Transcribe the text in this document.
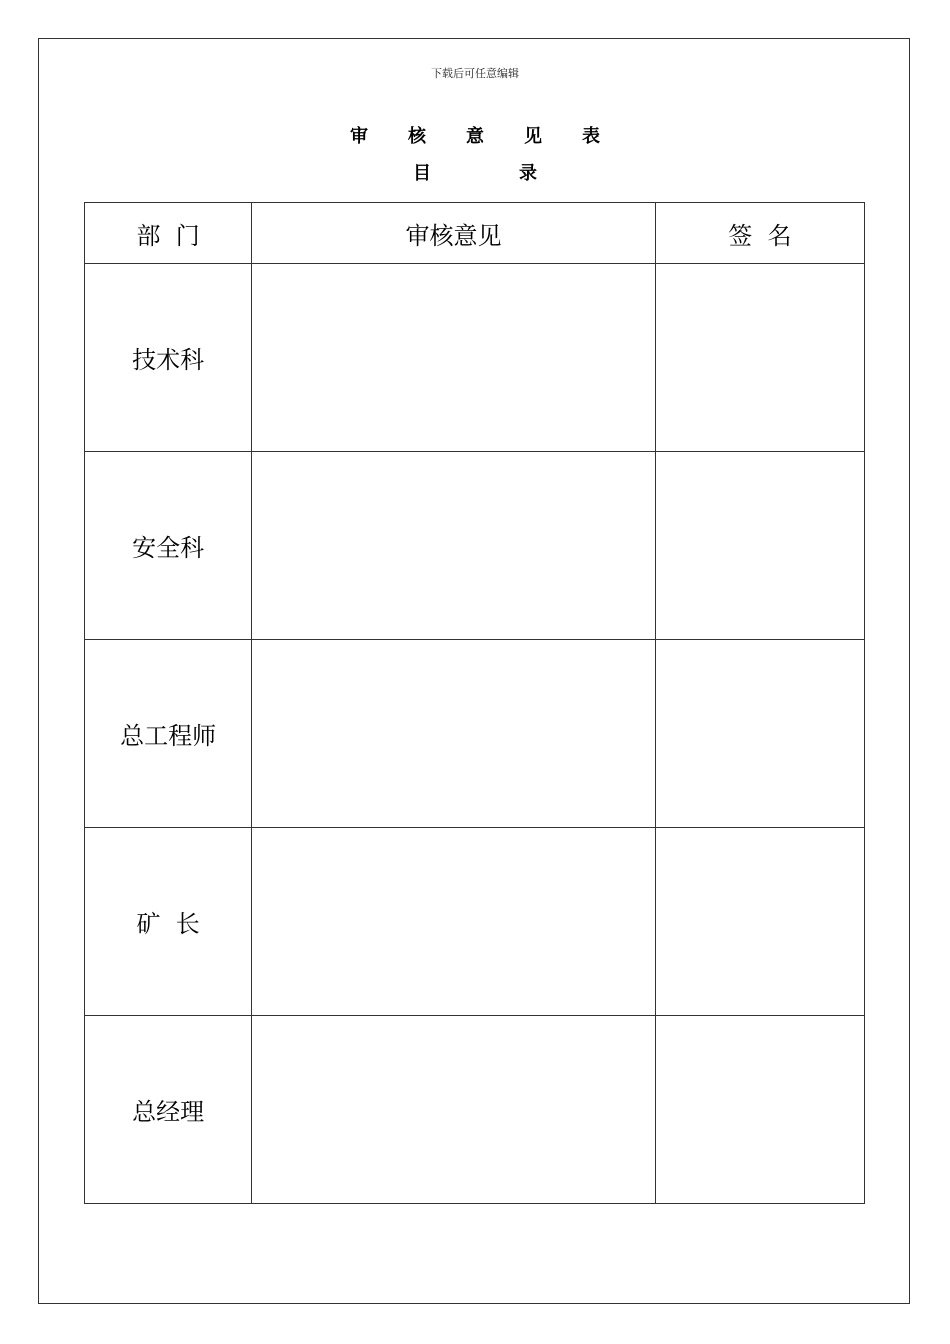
下载后可任意编辑
审核意见表
目录
部  门	审核意见	签  名
技术科		
安全科		
总工程师		
矿  长		
总经理		
